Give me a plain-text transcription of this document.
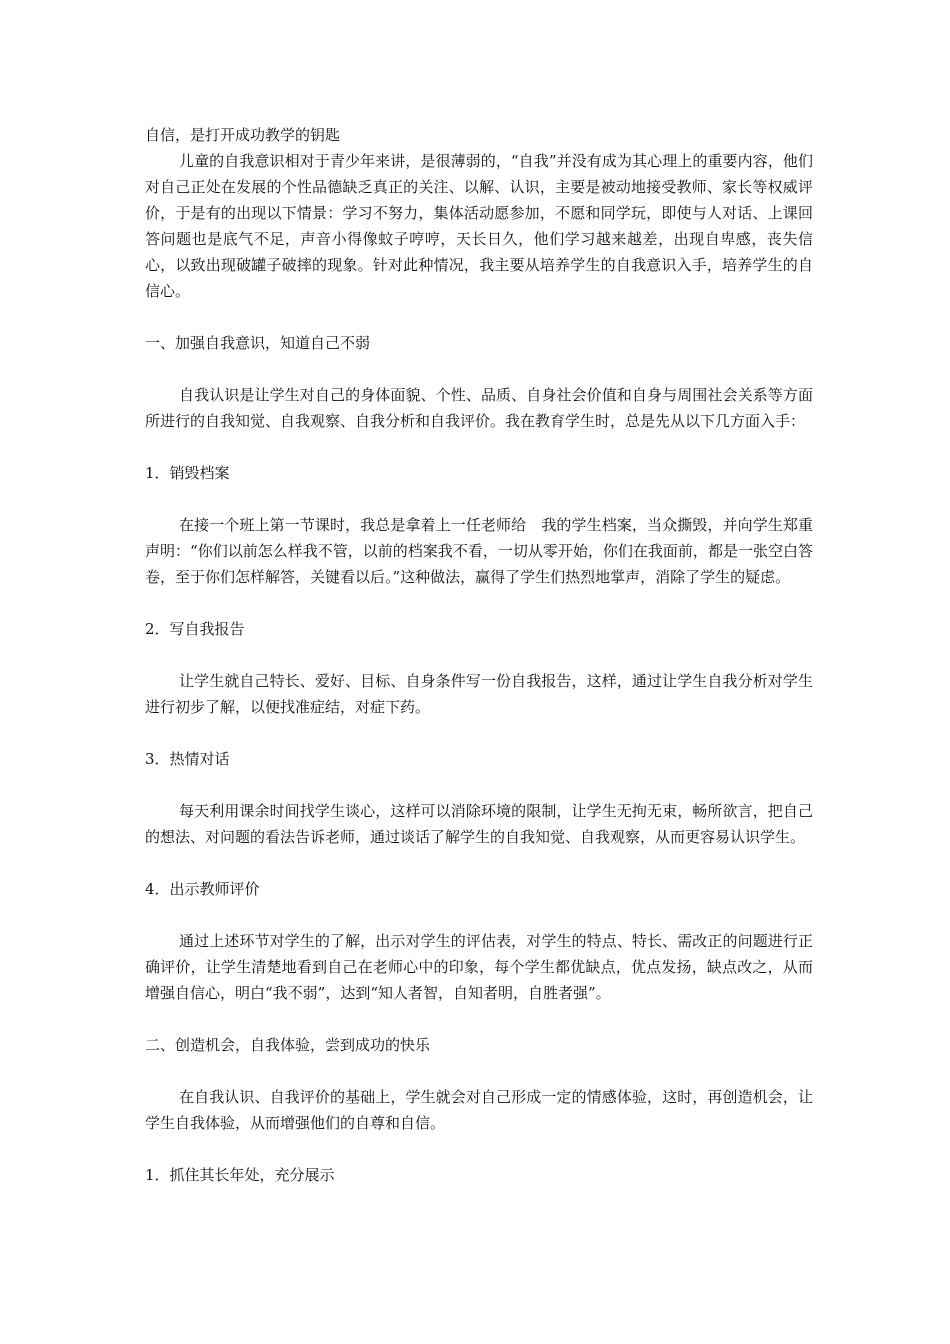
自信，是打开成功教学的钥匙

儿童的自我意识相对于青少年来讲，是很薄弱的，“自我”并没有成为其心理上的重要内容，他们对自己正处在发展的个性品德缺乏真正的关注、以解、认识，主要是被动地接受教师、家长等权威评价，于是有的出现以下情景：学习不努力，集体活动愿参加，不愿和同学玩，即使与人对话、上课回答问题也是底气不足，声音小得像蚊子哼哼，天长日久，他们学习越来越差，出现自卑感，丧失信心，以致出现破罐子破摔的现象。针对此种情况，我主要从培养学生的自我意识入手，培养学生的自信心。

一、加强自我意识，知道自己不弱

自我认识是让学生对自己的身体面貌、个性、品质、自身社会价值和自身与周围社会关系等方面所进行的自我知觉、自我观察、自我分析和自我评价。我在教育学生时，总是先从以下几方面入手：

1．销毁档案

在接一个班上第一节课时，我总是拿着上一任老师给　我的学生档案，当众撕毁，并向学生郑重声明：“你们以前怎么样我不管，以前的档案我不看，一切从零开始，你们在我面前，都是一张空白答卷，至于你们怎样解答，关键看以后。”这种做法，赢得了学生们热烈地掌声，消除了学生的疑虑。

2．写自我报告

让学生就自己特长、爱好、目标、自身条件写一份自我报告，这样，通过让学生自我分析对学生进行初步了解，以便找准症结，对症下药。

3．热情对话

每天利用课余时间找学生谈心，这样可以消除环境的限制，让学生无拘无束，畅所欲言，把自己的想法、对问题的看法告诉老师，通过谈话了解学生的自我知觉、自我观察，从而更容易认识学生。

4．出示教师评价

通过上述环节对学生的了解，出示对学生的评估表，对学生的特点、特长、需改正的问题进行正确评价，让学生清楚地看到自己在老师心中的印象，每个学生都优缺点，优点发扬，缺点改之，从而增强自信心，明白“我不弱”，达到“知人者智，自知者明，自胜者强”。

二、创造机会，自我体验，尝到成功的快乐

在自我认识、自我评价的基础上，学生就会对自己形成一定的情感体验，这时，再创造机会，让学生自我体验，从而增强他们的自尊和自信。

1．抓住其长年处，充分展示
